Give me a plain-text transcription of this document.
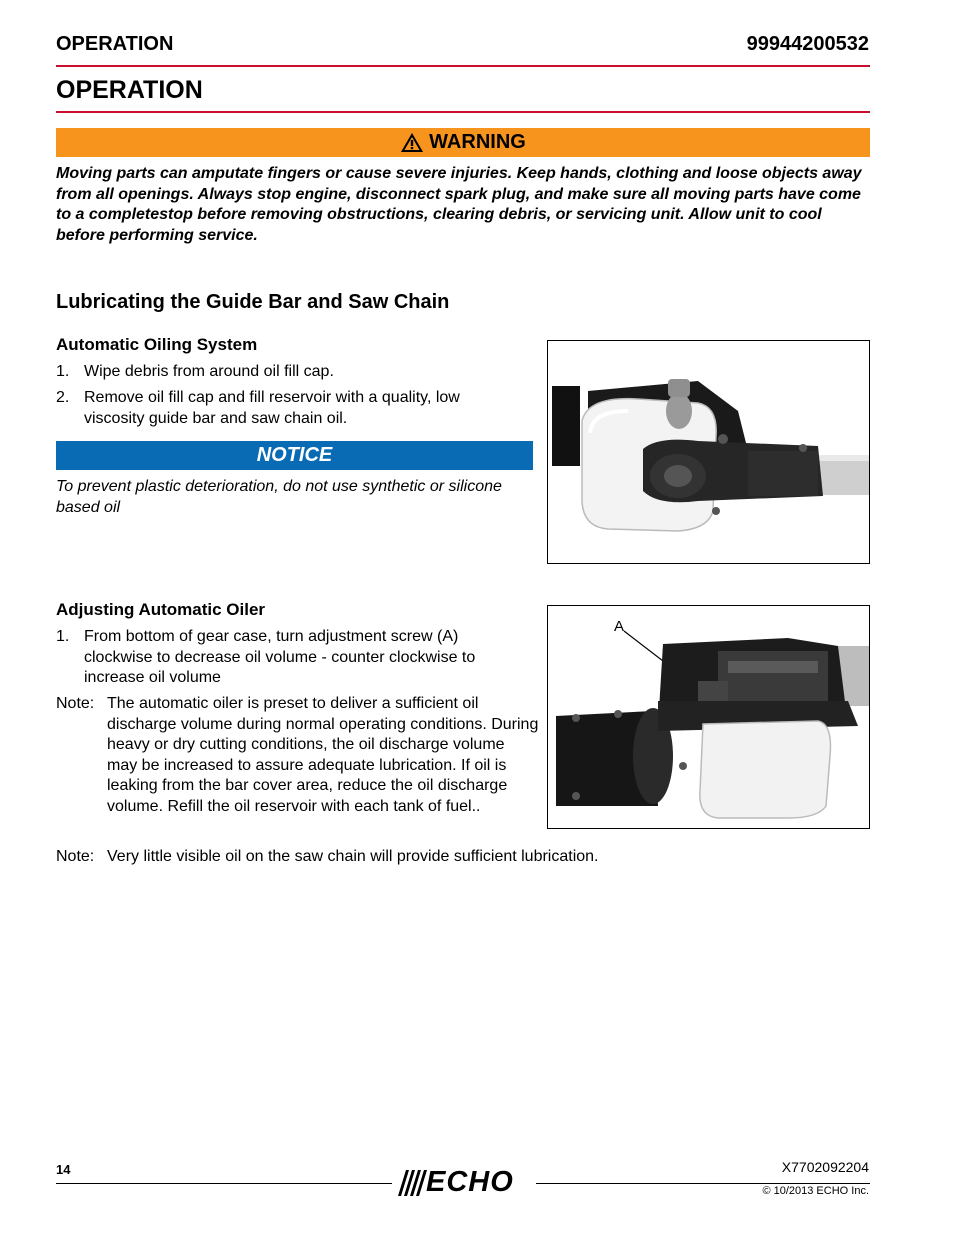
OPERATION	99944200532
OPERATION
WARNING
Moving parts can amputate fingers or cause severe injuries. Keep hands, clothing and loose objects away from all openings. Always stop engine, disconnect spark plug, and make sure all moving parts have come to a completestop before removing obstructions, clearing debris, or servicing unit. Allow unit to cool before performing service.
Lubricating the Guide Bar and Saw Chain
Automatic Oiling System
1. Wipe debris from around oil fill cap.
2. Remove oil fill cap and fill reservoir with a quality, low viscosity guide bar and saw chain oil.
NOTICE
To prevent plastic deterioration, do not use synthetic or silicone based oil
Adjusting Automatic Oiler
1. From bottom of gear case, turn adjustment screw (A) clockwise to decrease oil volume - counter clockwise to increase oil volume
Note: The automatic oiler is preset to deliver a sufficient oil discharge volume during normal operating conditions. During heavy or dry cutting conditions, the oil discharge volume may be increased to assure adequate lubrication. If oil is leaking from the bar cover area, reduce the oil discharge volume. Refill the oil reservoir with each tank of fuel..
A
Note: Very little visible oil on the saw chain will provide sufficient lubrication.
14	ECHO	X7702092204
© 10/2013 ECHO Inc.
